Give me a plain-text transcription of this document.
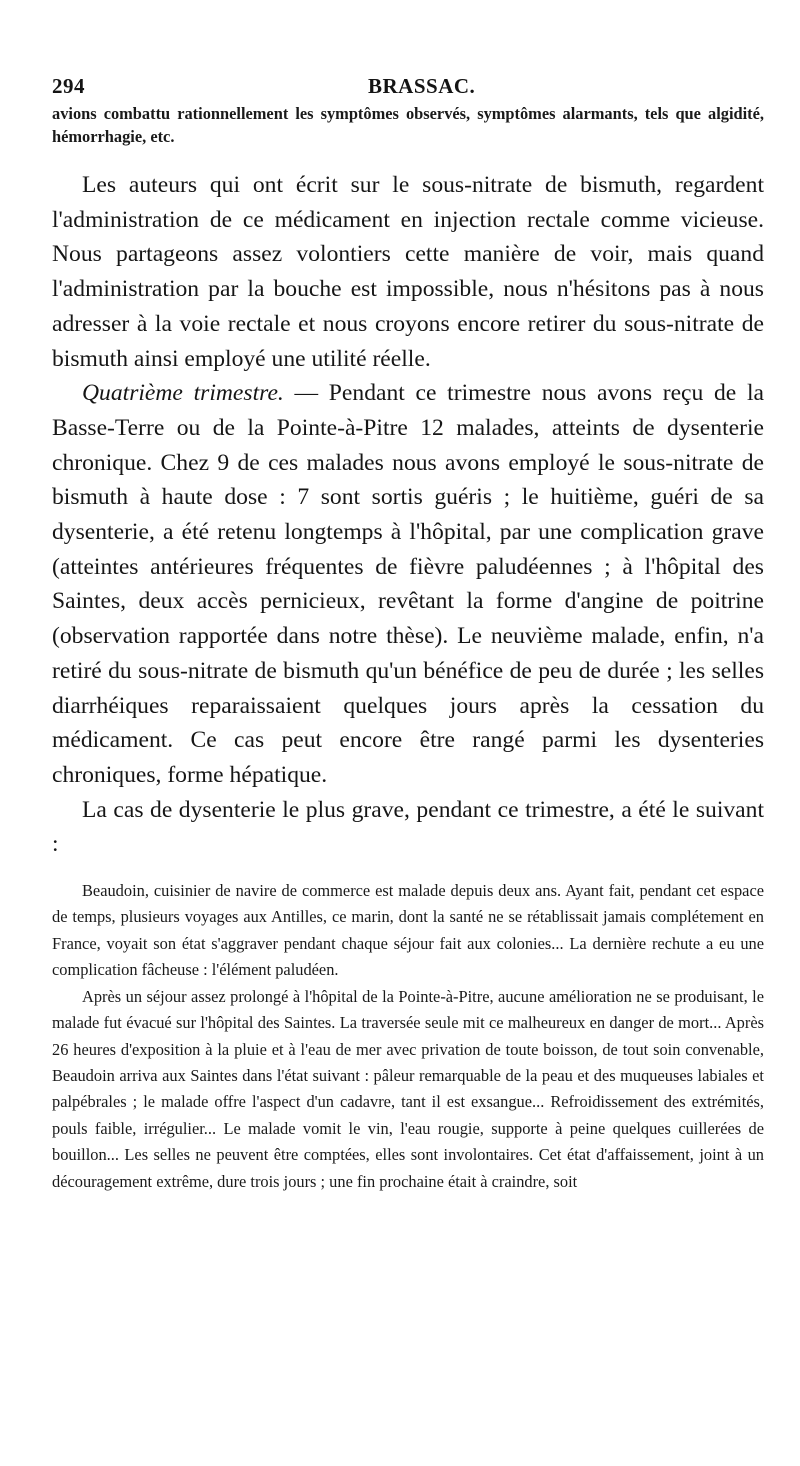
294	BRASSAC.

avions combattu rationnellement les symptômes observés, symptômes alarmants, tels que algidité, hémorrhagie, etc.

Les auteurs qui ont écrit sur le sous-nitrate de bismuth, regardent l'administration de ce médicament en injection rectale comme vicieuse. Nous partageons assez volontiers cette manière de voir, mais quand l'administration par la bouche est impossible, nous n'hésitons pas à nous adresser à la voie rectale et nous croyons encore retirer du sous-nitrate de bismuth ainsi employé une utilité réelle.

Quatrième trimestre. — Pendant ce trimestre nous avons reçu de la Basse-Terre ou de la Pointe-à-Pitre 12 malades, atteints de dysenterie chronique. Chez 9 de ces malades nous avons employé le sous-nitrate de bismuth à haute dose : 7 sont sortis guéris ; le huitième, guéri de sa dysenterie, a été retenu longtemps à l'hôpital, par une complication grave (atteintes antérieures fréquentes de fièvre paludéennes ; à l'hôpital des Saintes, deux accès pernicieux, revêtant la forme d'angine de poitrine (observation rapportée dans notre thèse). Le neuvième malade, enfin, n'a retiré du sous-nitrate de bismuth qu'un bénéfice de peu de durée ; les selles diarrhéiques reparaissaient quelques jours après la cessation du médicament. Ce cas peut encore être rangé parmi les dysenteries chroniques, forme hépatique.

La cas de dysenterie le plus grave, pendant ce trimestre, a été le suivant :

Beaudoin, cuisinier de navire de commerce est malade depuis deux ans. Ayant fait, pendant cet espace de temps, plusieurs voyages aux Antilles, ce marin, dont la santé ne se rétablissait jamais complétement en France, voyait son état s'aggraver pendant chaque séjour fait aux colonies... La dernière rechute a eu une complication fâcheuse : l'élément paludéen.

Après un séjour assez prolongé à l'hôpital de la Pointe-à-Pitre, aucune amélioration ne se produisant, le malade fut évacué sur l'hôpital des Saintes. La traversée seule mit ce malheureux en danger de mort... Après 26 heures d'exposition à la pluie et à l'eau de mer avec privation de toute boisson, de tout soin convenable, Beaudoin arriva aux Saintes dans l'état suivant : pâleur remarquable de la peau et des muqueuses labiales et palpébrales ; le malade offre l'aspect d'un cadavre, tant il est exsangue... Refroidissement des extrémités, pouls faible, irrégulier... Le malade vomit le vin, l'eau rougie, supporte à peine quelques cuillerées de bouillon... Les selles ne peuvent être comptées, elles sont involontaires. Cet état d'affaissement, joint à un découragement extrême, dure trois jours ; une fin prochaine était à craindre, soit
